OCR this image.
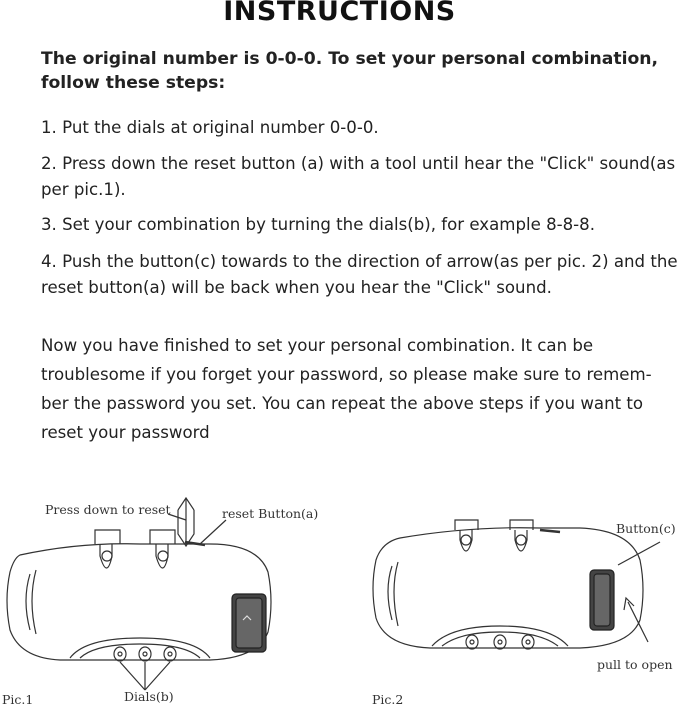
INSTRUCTIONS

The original number is 0-0-0. To set your personal combination, follow these steps:

1. Put the dials at original number 0-0-0.

2. Press down the reset button (a) with a tool until hear the "Click" sound(as per pic.1).

3. Set your combination by turning the dials(b), for example 8-8-8.

4. Push the button(c) towards to the direction of arrow(as per pic. 2) and the reset button(a) will be back when you hear the "Click" sound.

Now you have finished to set your personal combination. It can be troublesome if you forget your password, so please make sure to remem-ber the password you set. You can repeat the above steps if you want to reset your password

Press down to reset	reset Button(a)
Dials(b)
Pic.1
Button(c)
pull to open
Pic.2
